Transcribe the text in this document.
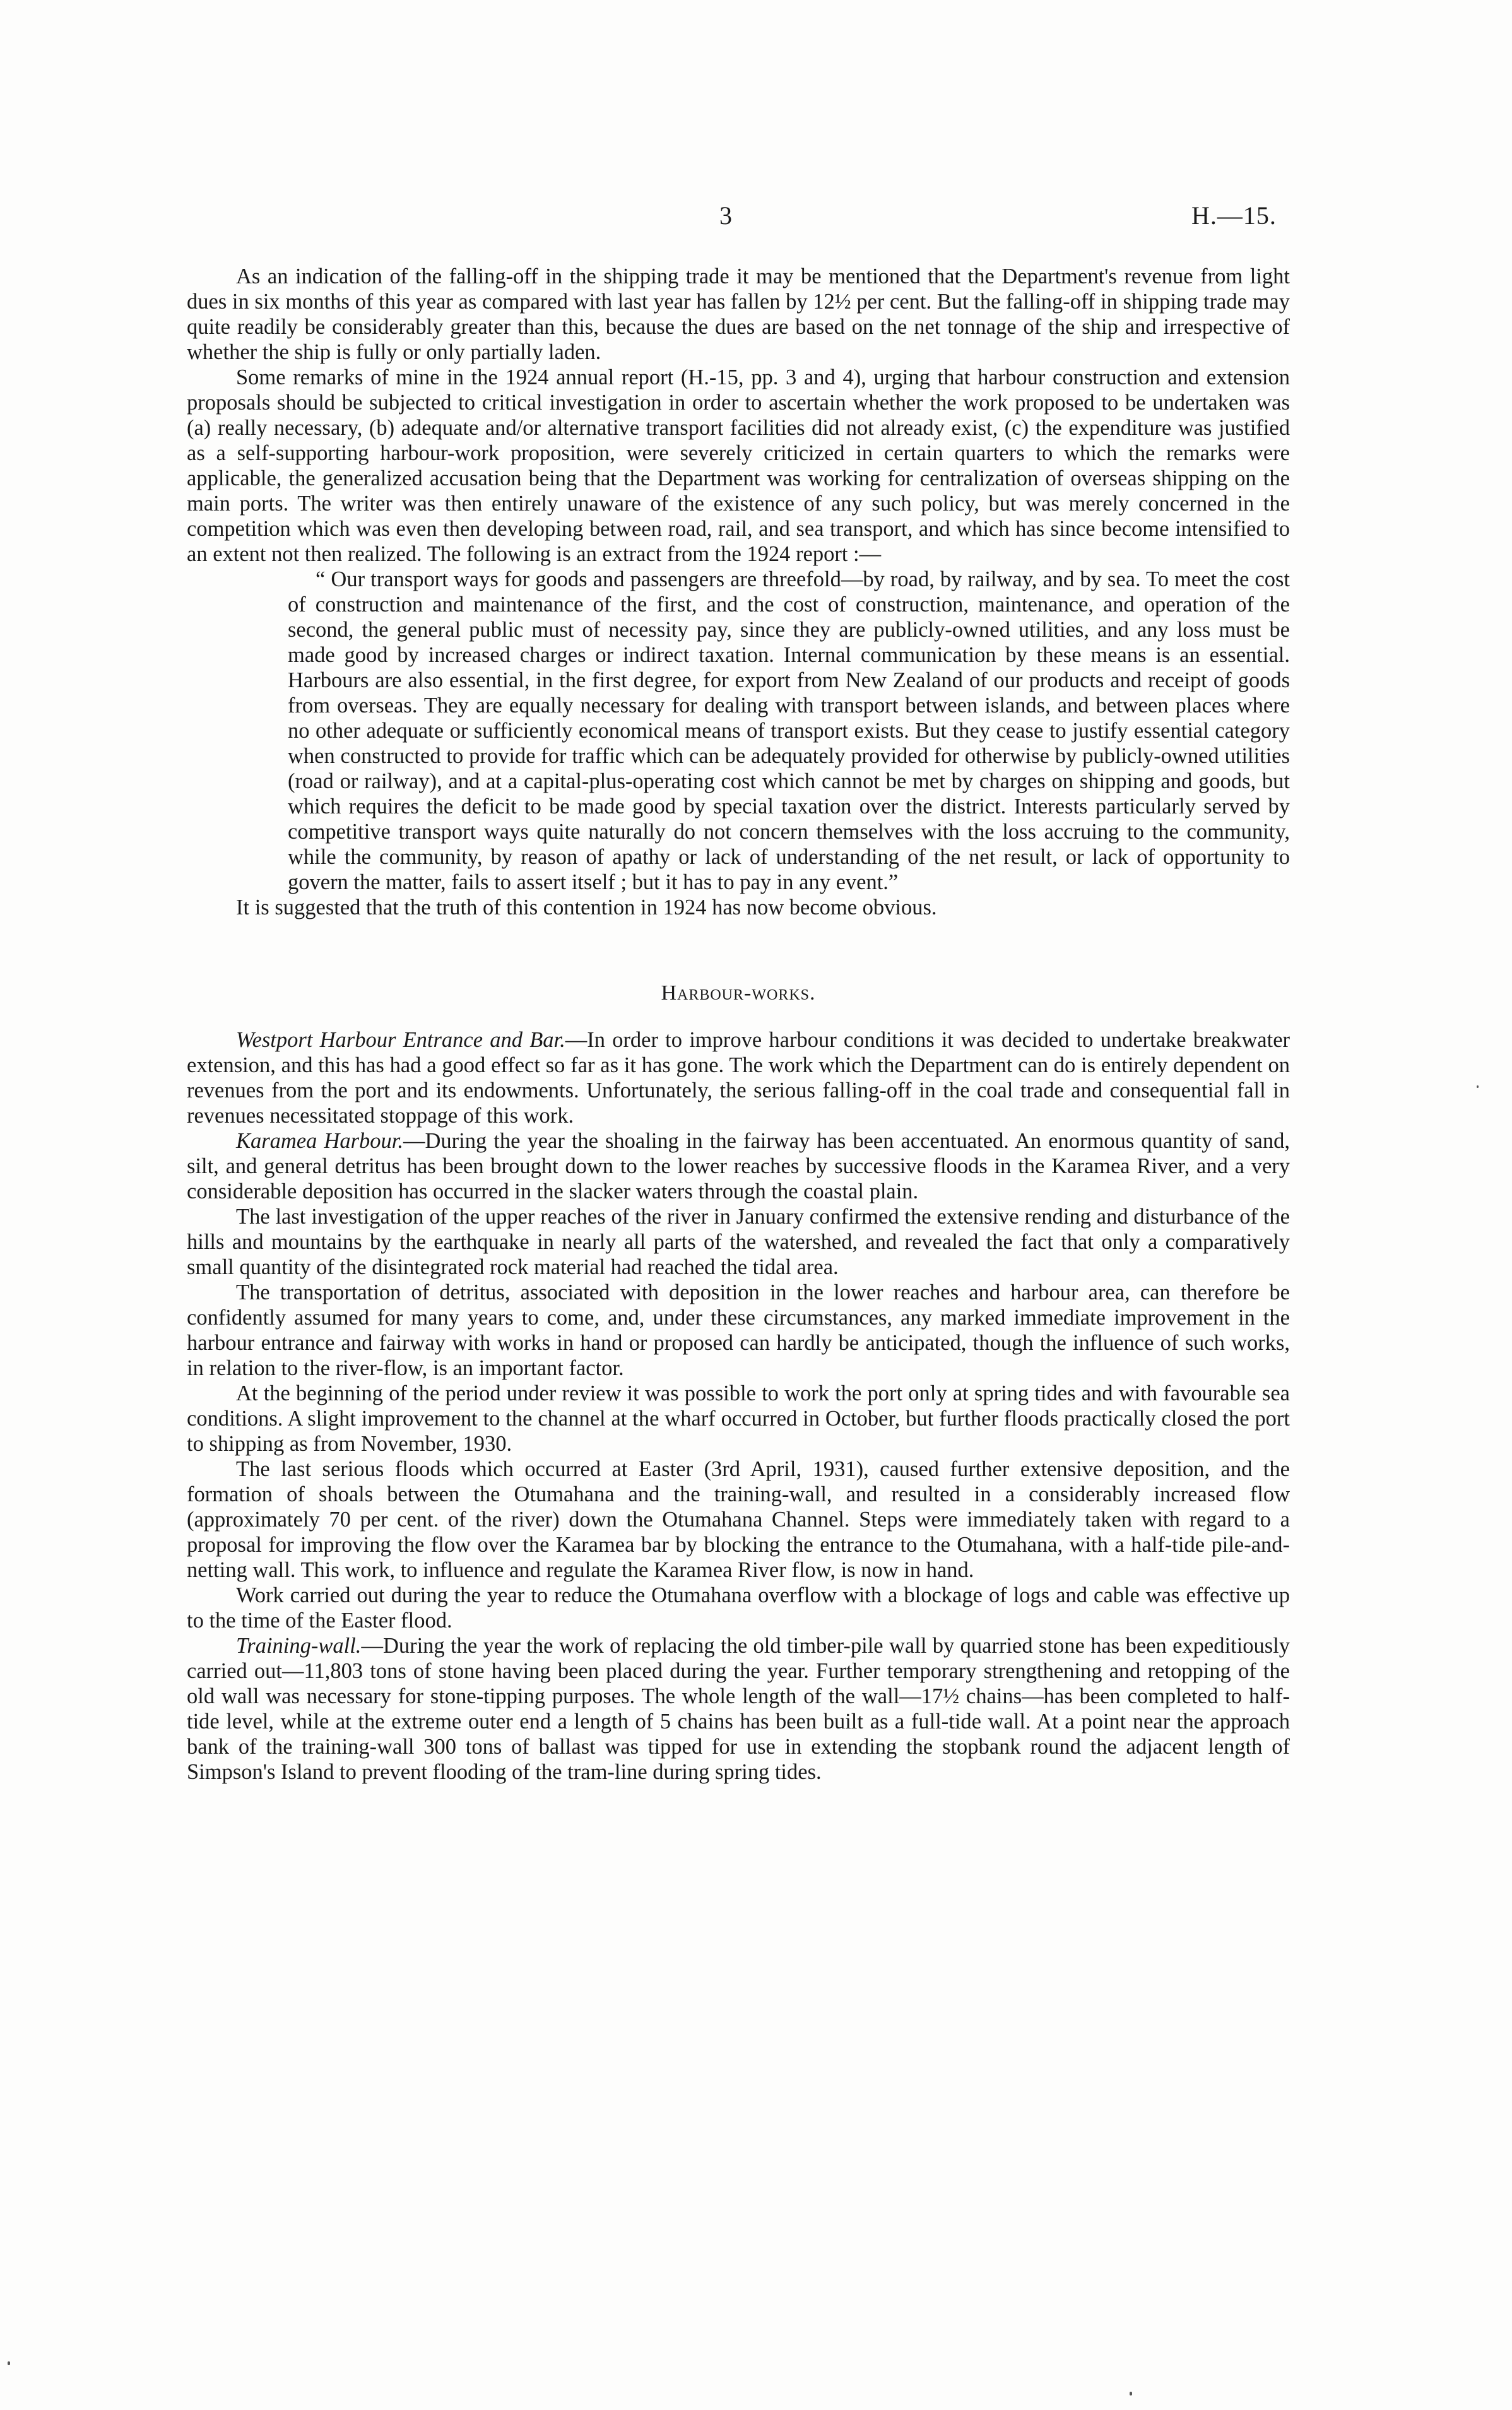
3	H.—15.

As an indication of the falling-off in the shipping trade it may be mentioned that the Department's revenue from light dues in six months of this year as compared with last year has fallen by 12½ per cent. But the falling-off in shipping trade may quite readily be considerably greater than this, because the dues are based on the net tonnage of the ship and irrespective of whether the ship is fully or only partially laden.

Some remarks of mine in the 1924 annual report (H.-15, pp. 3 and 4), urging that harbour construction and extension proposals should be subjected to critical investigation in order to ascertain whether the work proposed to be undertaken was (a) really necessary, (b) adequate and/or alternative transport facilities did not already exist, (c) the expenditure was justified as a self-supporting harbour-work proposition, were severely criticized in certain quarters to which the remarks were applicable, the generalized accusation being that the Department was working for centralization of overseas shipping on the main ports. The writer was then entirely unaware of the existence of any such policy, but was merely concerned in the competition which was even then developing between road, rail, and sea transport, and which has since become intensified to an extent not then realized. The following is an extract from the 1924 report :—

“ Our transport ways for goods and passengers are threefold—by road, by railway, and by sea. To meet the cost of construction and maintenance of the first, and the cost of construction, maintenance, and operation of the second, the general public must of necessity pay, since they are publicly-owned utilities, and any loss must be made good by increased charges or indirect taxation. Internal communication by these means is an essential. Harbours are also essential, in the first degree, for export from New Zealand of our products and receipt of goods from overseas. They are equally necessary for dealing with transport between islands, and between places where no other adequate or sufficiently economical means of transport exists. But they cease to justify essential category when constructed to provide for traffic which can be adequately provided for otherwise by publicly-owned utilities (road or railway), and at a capital-plus-operating cost which cannot be met by charges on shipping and goods, but which requires the deficit to be made good by special taxation over the district. Interests particularly served by competitive transport ways quite naturally do not concern themselves with the loss accruing to the community, while the community, by reason of apathy or lack of understanding of the net result, or lack of opportunity to govern the matter, fails to assert itself ; but it has to pay in any event.”

It is suggested that the truth of this contention in 1924 has now become obvious.

Harbour-works.

Westport Harbour Entrance and Bar.—In order to improve harbour conditions it was decided to undertake breakwater extension, and this has had a good effect so far as it has gone. The work which the Department can do is entirely dependent on revenues from the port and its endowments. Unfortunately, the serious falling-off in the coal trade and consequential fall in revenues necessitated stoppage of this work.

Karamea Harbour.—During the year the shoaling in the fairway has been accentuated. An enormous quantity of sand, silt, and general detritus has been brought down to the lower reaches by successive floods in the Karamea River, and a very considerable deposition has occurred in the slacker waters through the coastal plain.

The last investigation of the upper reaches of the river in January confirmed the extensive rending and disturbance of the hills and mountains by the earthquake in nearly all parts of the watershed, and revealed the fact that only a comparatively small quantity of the disintegrated rock material had reached the tidal area.

The transportation of detritus, associated with deposition in the lower reaches and harbour area, can therefore be confidently assumed for many years to come, and, under these circumstances, any marked immediate improvement in the harbour entrance and fairway with works in hand or proposed can hardly be anticipated, though the influence of such works, in relation to the river-flow, is an important factor.

At the beginning of the period under review it was possible to work the port only at spring tides and with favourable sea conditions. A slight improvement to the channel at the wharf occurred in October, but further floods practically closed the port to shipping as from November, 1930.

The last serious floods which occurred at Easter (3rd April, 1931), caused further extensive deposition, and the formation of shoals between the Otumahana and the training-wall, and resulted in a considerably increased flow (approximately 70 per cent. of the river) down the Otumahana Channel. Steps were immediately taken with regard to a proposal for improving the flow over the Karamea bar by blocking the entrance to the Otumahana, with a half-tide pile-and-netting wall. This work, to influence and regulate the Karamea River flow, is now in hand.

Work carried out during the year to reduce the Otumahana overflow with a blockage of logs and cable was effective up to the time of the Easter flood.

Training-wall.—During the year the work of replacing the old timber-pile wall by quarried stone has been expeditiously carried out—11,803 tons of stone having been placed during the year. Further temporary strengthening and retopping of the old wall was necessary for stone-tipping purposes. The whole length of the wall—17½ chains—has been completed to half-tide level, while at the extreme outer end a length of 5 chains has been built as a full-tide wall. At a point near the approach bank of the training-wall 300 tons of ballast was tipped for use in extending the stopbank round the adjacent length of Simpson's Island to prevent flooding of the tram-line during spring tides.
